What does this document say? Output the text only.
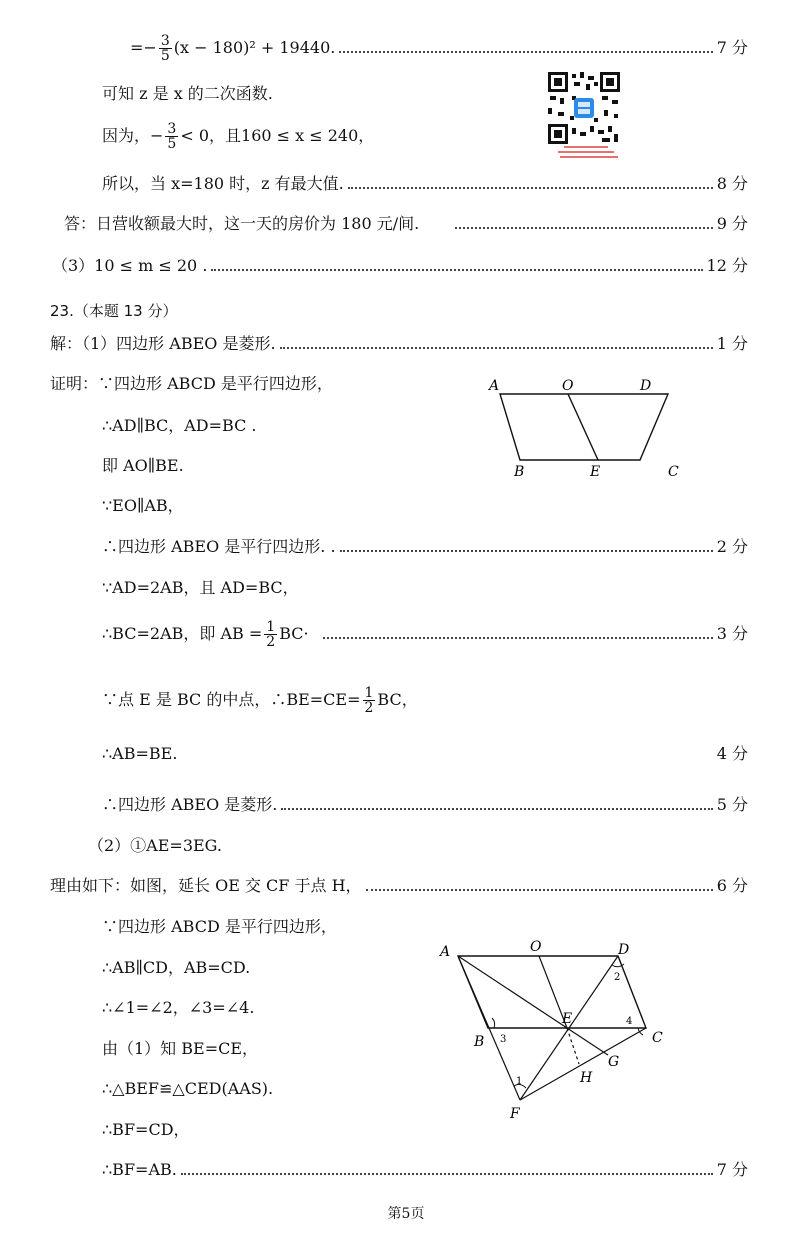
=− $\frac{3}{5} (x - 180)^2 + 19440$.	7 分
可知 z 是 x 的二次函数.
因为，− $\frac{3}{5} < 0$，且160 ≤ x ≤ 240，
所以，当 x=180 时，z 有最大值.	8 分
答：日营收额最大时，这一天的房价为 180 元/间.	9 分
（3）10 ≤ m ≤ 20 .	12 分
23.（本题 13 分）
解：（1）四边形 ABEO 是菱形.	1 分
证明：∵四边形 ABCD 是平行四边形，	A	O	D
B	E	C
∴AD∥BC，AD=BC .
即 AO∥BE.
∵EO∥AB，
∴四边形 ABEO 是平行四边形. .	2 分
∵AD=2AB，且 AD=BC，
∴BC=2AB，即 AB = $\frac{1}{2} BC\cdot$	3 分
∵点 E 是 BC 的中点，∴BE=CE= $\frac{1}{2}$ BC，
∴AB=BE.	4 分
∴四边形 ABEO 是菱形.	5 分
（2）①AE=3EG.
理由如下：如图，延长 OE 交 CF 于点 H，	6 分
∵四边形 ABCD 是平行四边形，
A	O	D
B
E
C
G
H
F
1
2
3
4
∴AB∥CD，AB=CD.
∴∠1=∠2，∠3=∠4.
由（1）知 BE=CE，
∴△BEF≌△CED(AAS).
∴BF=CD，
∴BF=AB.	7 分
第5页
